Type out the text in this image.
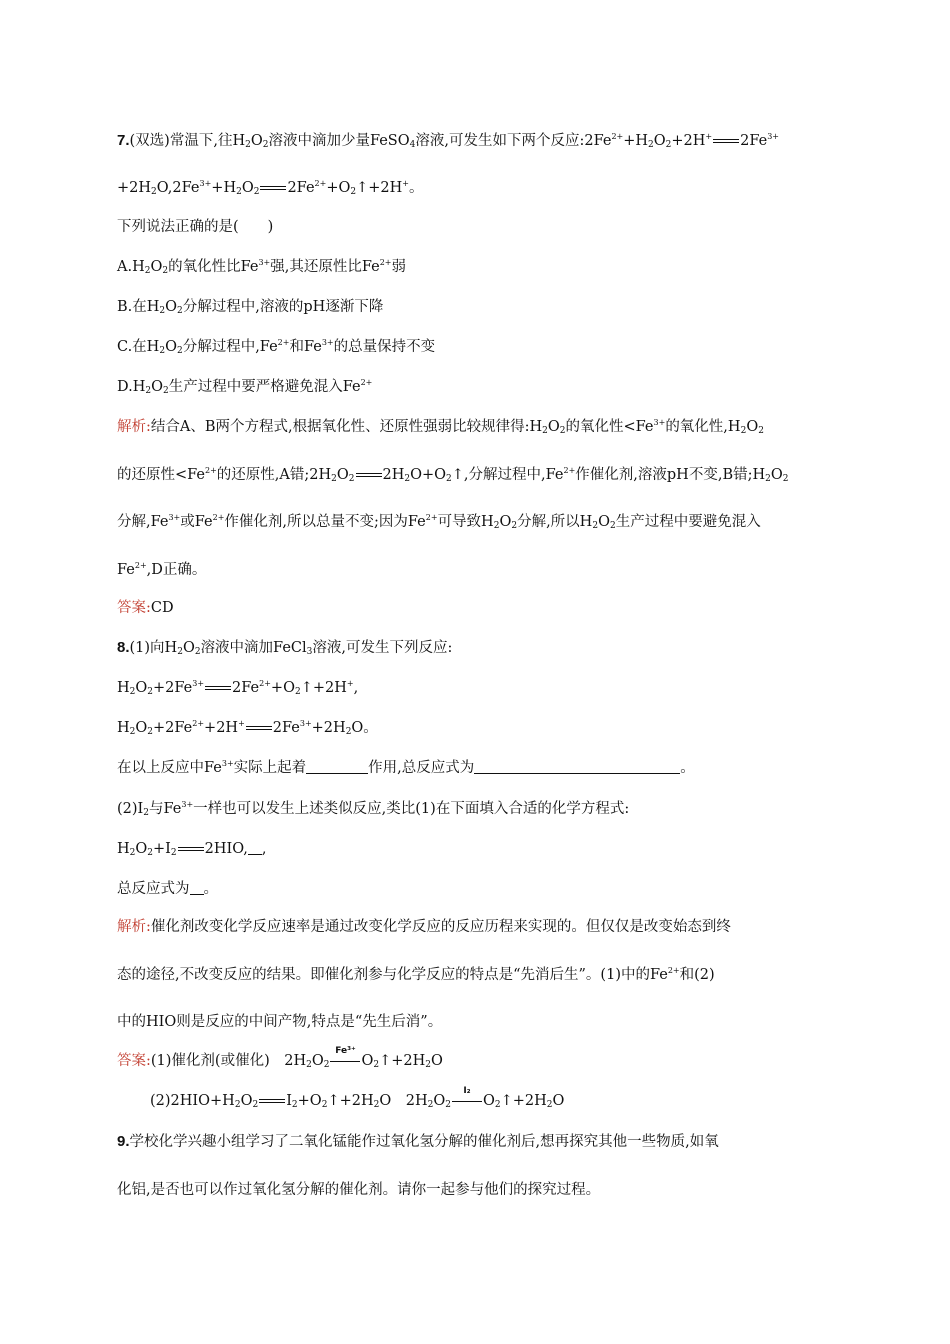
7.(双选)常温下,往$H_2O_2$溶液中滴加少量FeSO$_4$溶液,可发生如下两个反应$:2Fe^{2+}+H_2O_2+2H^+$ $2Fe^{3+}$
$+2H_2O,2Fe^{3+}+H_2O_2$ $2Fe^{2+}+O_2↑+2H^+$。
下列说法正确的是(　　)
$A.H_2O_2$的氧化性比$Fe^{3+}$强,其还原性比$Fe^{2+}$弱
B.在$H_2O_2$分解过程中,溶液的pH逐渐下降
C.在$H_2O_2$分解过程中$,Fe^{2+}$和$Fe^{3+}$的总量保持不变
$D.H_2O_2$生产过程中要严格避免混入$Fe^{2+}$
解析:结合A、B两个方程式,根据氧化性、还原性强弱比较规律得$:H_2O_2$的氧化性$<Fe^{3+}$的氧化性$,H_2O_2$
的还原性$<Fe^{2+}$的还原性,A错$;2H_2O_2$ $2H_2O+O_2↑$,分解过程中$,Fe^{2+}$作催化剂,溶液pH不变,B错$;H_2O_2$
分解$,Fe^{3+}$或$Fe^{2+}$作催化剂,所以总量不变;因为$Fe^{2+}$可导致$H_2O_2$分解,所以$H_2O_2$生产过程中要避免混入
$Fe^{2+},D$正确。
答案:CD
8.(1)向$H_2O_2$溶液中滴加FeCl$_3$溶液,可发生下列反应:
$H_2O_2+2Fe^{3+}$ $2Fe^{2+}+O_2↑+2H^+$,
$H_2O_2+2Fe^{2+}+2H^+$ $2Fe^{3+}+2H_2O$。
在以上反应中$Fe^{3+}$实际上起着	作用,总反应式为	。
$(2)I_2$与$Fe^{3+}$一样也可以发生上述类似反应,类比(1)在下面填入合适的化学方程式:
$H_2O_2+I_2$ 2HIO, ,
总反应式为 。
解析:催化剂改变化学反应速率是通过改变化学反应的反应历程来实现的。但仅仅是改变始态到终
态的途径,不改变反应的结果。即催化剂参与化学反应的特点是“先消后生”。(1)中的$Fe^{2+}$和(2)
中的HIO则是反应的中间产物,特点是“先生后消”。
答案:(1)催化剂(或催化)　$2H_2O_2$
Fe³⁺
$O_2↑+2H_2O$
$(2)2HIO+H_2O_2$ $I_2+O_2↑+2H_2O$　$2H_2O_2$
I₂
$O_2↑+2H_2O$
9.学校化学兴趣小组学习了二氧化锰能作过氧化氢分解的催化剂后,想再探究其他一些物质,如氧
化铝,是否也可以作过氧化氢分解的催化剂。请你一起参与他们的探究过程。
